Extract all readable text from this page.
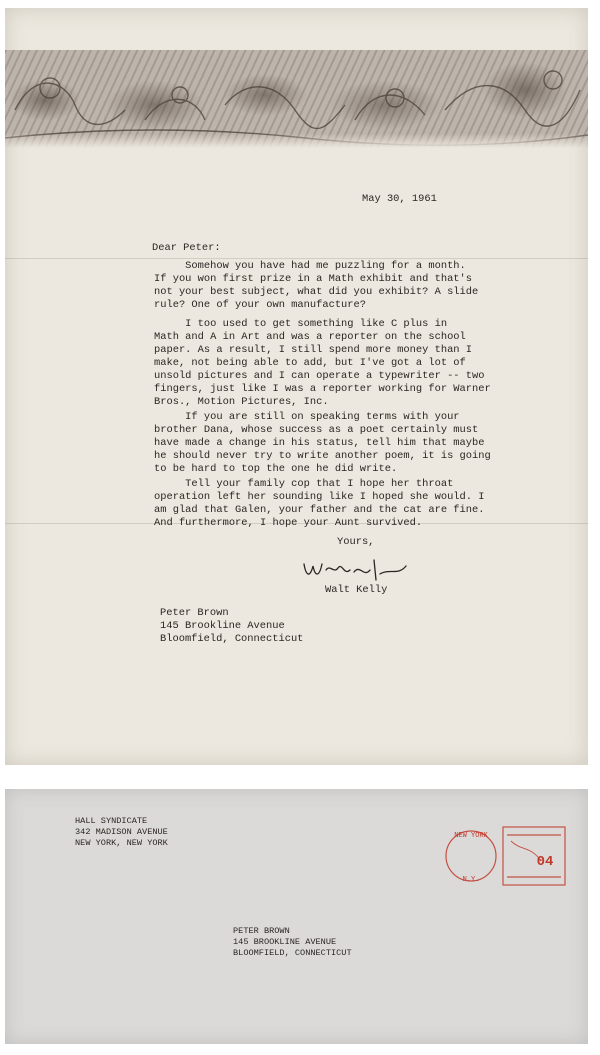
May 30, 1961
Dear Peter:
Somehow you have had me puzzling for a month.
If you won first prize in a Math exhibit and that's
not your best subject, what did you exhibit? A slide
rule? One of your own manufacture?
I too used to get something like C plus in
Math and A in Art and was a reporter on the school
paper. As a result, I still spend more money than I
make, not being able to add, but I've got a lot of
unsold pictures and I can operate a typewriter -- two
fingers, just like I was a reporter working for Warner
Bros., Motion Pictures, Inc.
If you are still on speaking terms with your
brother Dana, whose success as a poet certainly must
have made a change in his status, tell him that maybe
he should never try to write another poem, it is going
to be hard to top the one he did write.
Tell your family cop that I hope her throat
operation left her sounding like I hoped she would. I
am glad that Galen, your father and the cat are fine.
And furthermore, I hope your Aunt survived.
Yours,
Walt Kelly
Peter Brown
145 Brookline Avenue
Bloomfield, Connecticut
HALL SYNDICATE
342 MADISON AVENUE
NEW YORK, NEW YORK
PETER BROWN
145 BROOKLINE AVENUE
BLOOMFIELD, CONNECTICUT
NEW YORK
N.Y.
04
